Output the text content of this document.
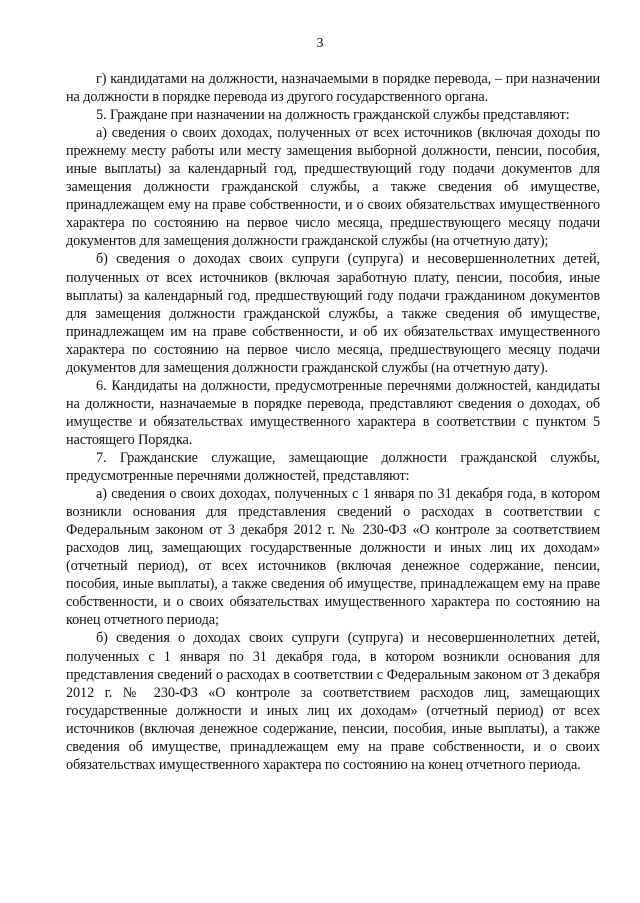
3

г) кандидатами на должности, назначаемыми в порядке перевода, – при назначении на должности в порядке перевода из другого государственного органа.

5. Граждане при назначении на должность гражданской службы представляют:

а) сведения о своих доходах, полученных от всех источников (включая доходы по прежнему месту работы или месту замещения выборной должности, пенсии, пособия, иные выплаты) за календарный год, предшествующий году подачи документов для замещения должности гражданской службы, а также сведения об имуществе, принадлежащем ему на праве собственности, и о своих обязательствах имущественного характера по состоянию на первое число месяца, предшествующего месяцу подачи документов для замещения должности гражданской службы (на отчетную дату);

б) сведения о доходах своих супруги (супруга) и несовершеннолетних детей, полученных от всех источников (включая заработную плату, пенсии, пособия, иные выплаты) за календарный год, предшествующий году подачи гражданином документов для замещения должности гражданской службы, а также сведения об имуществе, принадлежащем им на праве собственности, и об их обязательствах имущественного характера по состоянию на первое число месяца, предшествующего месяцу подачи документов для замещения должности гражданской службы (на отчетную дату).

6. Кандидаты на должности, предусмотренные перечнями должностей, кандидаты на должности, назначаемые в порядке перевода, представляют сведения о доходах, об имуществе и обязательствах имущественного характера в соответствии с пунктом 5 настоящего Порядка.

7. Гражданские служащие, замещающие должности гражданской службы, предусмотренные перечнями должностей, представляют:

а) сведения о своих доходах, полученных с 1 января по 31 декабря года, в котором возникли основания для представления сведений о расходах в соответствии с Федеральным законом от 3 декабря 2012 г. № 230-ФЗ «О контроле за соответствием расходов лиц, замещающих государственные должности и иных лиц их доходам» (отчетный период), от всех источников (включая денежное содержание, пенсии, пособия, иные выплаты), а также сведения об имуществе, принадлежащем ему на праве собственности, и о своих обязательствах имущественного характера по состоянию на конец отчетного периода;

б) сведения о доходах своих супруги (супруга) и несовершеннолетних детей, полученных с 1 января по 31 декабря года, в котором возникли основания для представления сведений о расходах в соответствии с Федеральным законом от 3 декабря 2012 г. № 230-ФЗ «О контроле за соответствием расходов лиц, замещающих государственные должности и иных лиц их доходам» (отчетный период) от всех источников (включая денежное содержание, пенсии, пособия, иные выплаты), а также сведения об имуществе, принадлежащем ему на праве собственности, и о своих обязательствах имущественного характера по состоянию на конец отчетного периода.
